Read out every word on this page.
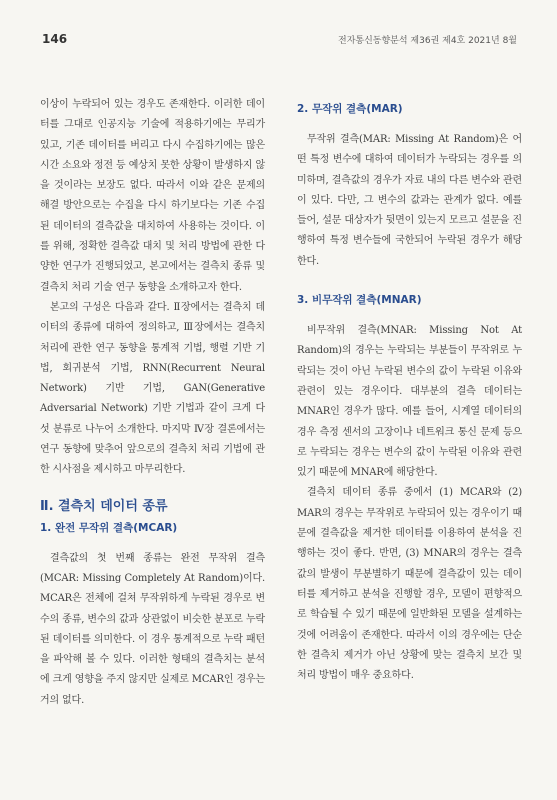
146	전자통신동향분석 제36권 제4호 2021년 8월

이상이 누락되어 있는 경우도 존재한다. 이러한 데이터를 그대로 인공지능 기술에 적용하기에는 무리가 있고, 기존 데이터를 버리고 다시 수집하기에는 많은 시간 소요와 정전 등 예상치 못한 상황이 발생하지 않을 것이라는 보장도 없다. 따라서 이와 같은 문제의 해결 방안으로는 수집을 다시 하기보다는 기존 수집된 데이터의 결측값을 대치하여 사용하는 것이다. 이를 위해, 정확한 결측값 대치 및 처리 방법에 관한 다양한 연구가 진행되었고, 본고에서는 결측치 종류 및 결측치 처리 기술 연구 동향을 소개하고자 한다.

본고의 구성은 다음과 같다. Ⅱ장에서는 결측치 데이터의 종류에 대하여 정의하고, Ⅲ장에서는 결측치 처리에 관한 연구 동향을 통계적 기법, 행렬 기반 기법, 회귀분석 기법, RNN(Recurrent Neural Network) 기반 기법, GAN(Generative Adversarial Network) 기반 기법과 같이 크게 다섯 분류로 나누어 소개한다. 마지막 Ⅳ장 결론에서는 연구 동향에 맞추어 앞으로의 결측치 처리 기법에 관한 시사점을 제시하고 마무리한다.

Ⅱ. 결측치 데이터 종류
1. 완전 무작위 결측(MCAR)

결측값의 첫 번째 종류는 완전 무작위 결측(MCAR: Missing Completely At Random)이다. MCAR은 전체에 걸쳐 무작위하게 누락된 경우로 변수의 종류, 변수의 값과 상관없이 비슷한 분포로 누락된 데이터를 의미한다. 이 경우 통계적으로 누락 패턴을 파악해 볼 수 있다. 이러한 형태의 결측치는 분석에 크게 영향을 주지 않지만 실제로 MCAR인 경우는 거의 없다.

2. 무작위 결측(MAR)

무작위 결측(MAR: Missing At Random)은 어떤 특정 변수에 대하여 데이터가 누락되는 경우를 의미하며, 결측값의 경우가 자료 내의 다른 변수와 관련이 있다. 다만, 그 변수의 값과는 관계가 없다. 예를 들어, 설문 대상자가 뒷면이 있는지 모르고 설문을 진행하여 특정 변수들에 국한되어 누락된 경우가 해당한다.

3. 비무작위 결측(MNAR)

비무작위 결측(MNAR: Missing Not At Random)의 경우는 누락되는 부분들이 무작위로 누락되는 것이 아닌 누락된 변수의 값이 누락된 이유와 관련이 있는 경우이다. 대부분의 결측 데이터는 MNAR인 경우가 많다. 예를 들어, 시계열 데이터의 경우 측정 센서의 고장이나 네트워크 통신 문제 등으로 누락되는 경우는 변수의 값이 누락된 이유와 관련 있기 때문에 MNAR에 해당한다.

결측치 데이터 종류 중에서 (1) MCAR와 (2) MAR의 경우는 무작위로 누락되어 있는 경우이기 때문에 결측값을 제거한 데이터를 이용하여 분석을 진행하는 것이 좋다. 반면, (3) MNAR의 경우는 결측값의 발생이 무분별하기 때문에 결측값이 있는 데이터를 제거하고 분석을 진행할 경우, 모델이 편향적으로 학습될 수 있기 때문에 일반화된 모델을 설계하는 것에 어려움이 존재한다. 따라서 이의 경우에는 단순한 결측치 제거가 아닌 상황에 맞는 결측치 보간 및 처리 방법이 매우 중요하다.
